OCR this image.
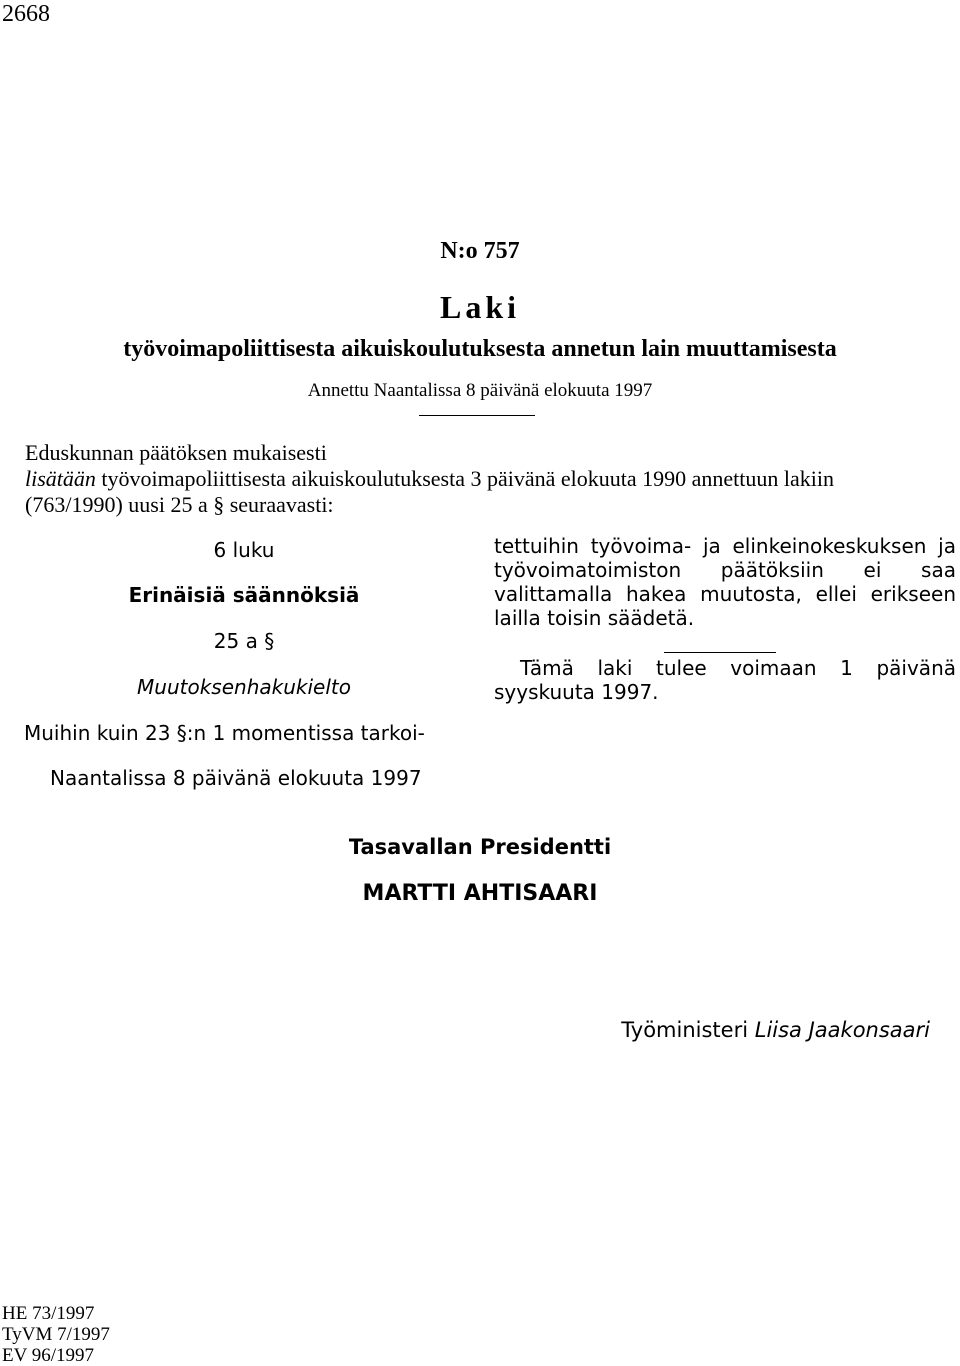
2668
N:o 757
Laki
työvoimapoliittisesta aikuiskoulutuksesta annetun lain muuttamisesta
Annettu Naantalissa 8 päivänä elokuuta 1997
Eduskunnan päätöksen mukaisesti
lisätään työvoimapoliittisesta aikuiskoulutuksesta 3 päivänä elokuuta 1990 annettuun lakiin
(763/1990) uusi 25 a § seuraavasti:
6 luku
Erinäisiä säännöksiä
25 a §
Muutoksenhakukielto
Muihin kuin 23 §:n 1 momentissa tarkoi-
tettuihin työvoima- ja elinkeinokeskuksen ja työvoimatoimiston päätöksiin ei saa valittamalla hakea muutosta, ellei erikseen lailla toisin säädetä.
Tämä laki tulee voimaan 1 päivänä syyskuuta 1997.
Naantalissa 8 päivänä elokuuta 1997
Tasavallan Presidentti
MARTTI AHTISAARI
Työministeri Liisa Jaakonsaari
HE 73/1997
TyVM 7/1997
EV 96/1997
